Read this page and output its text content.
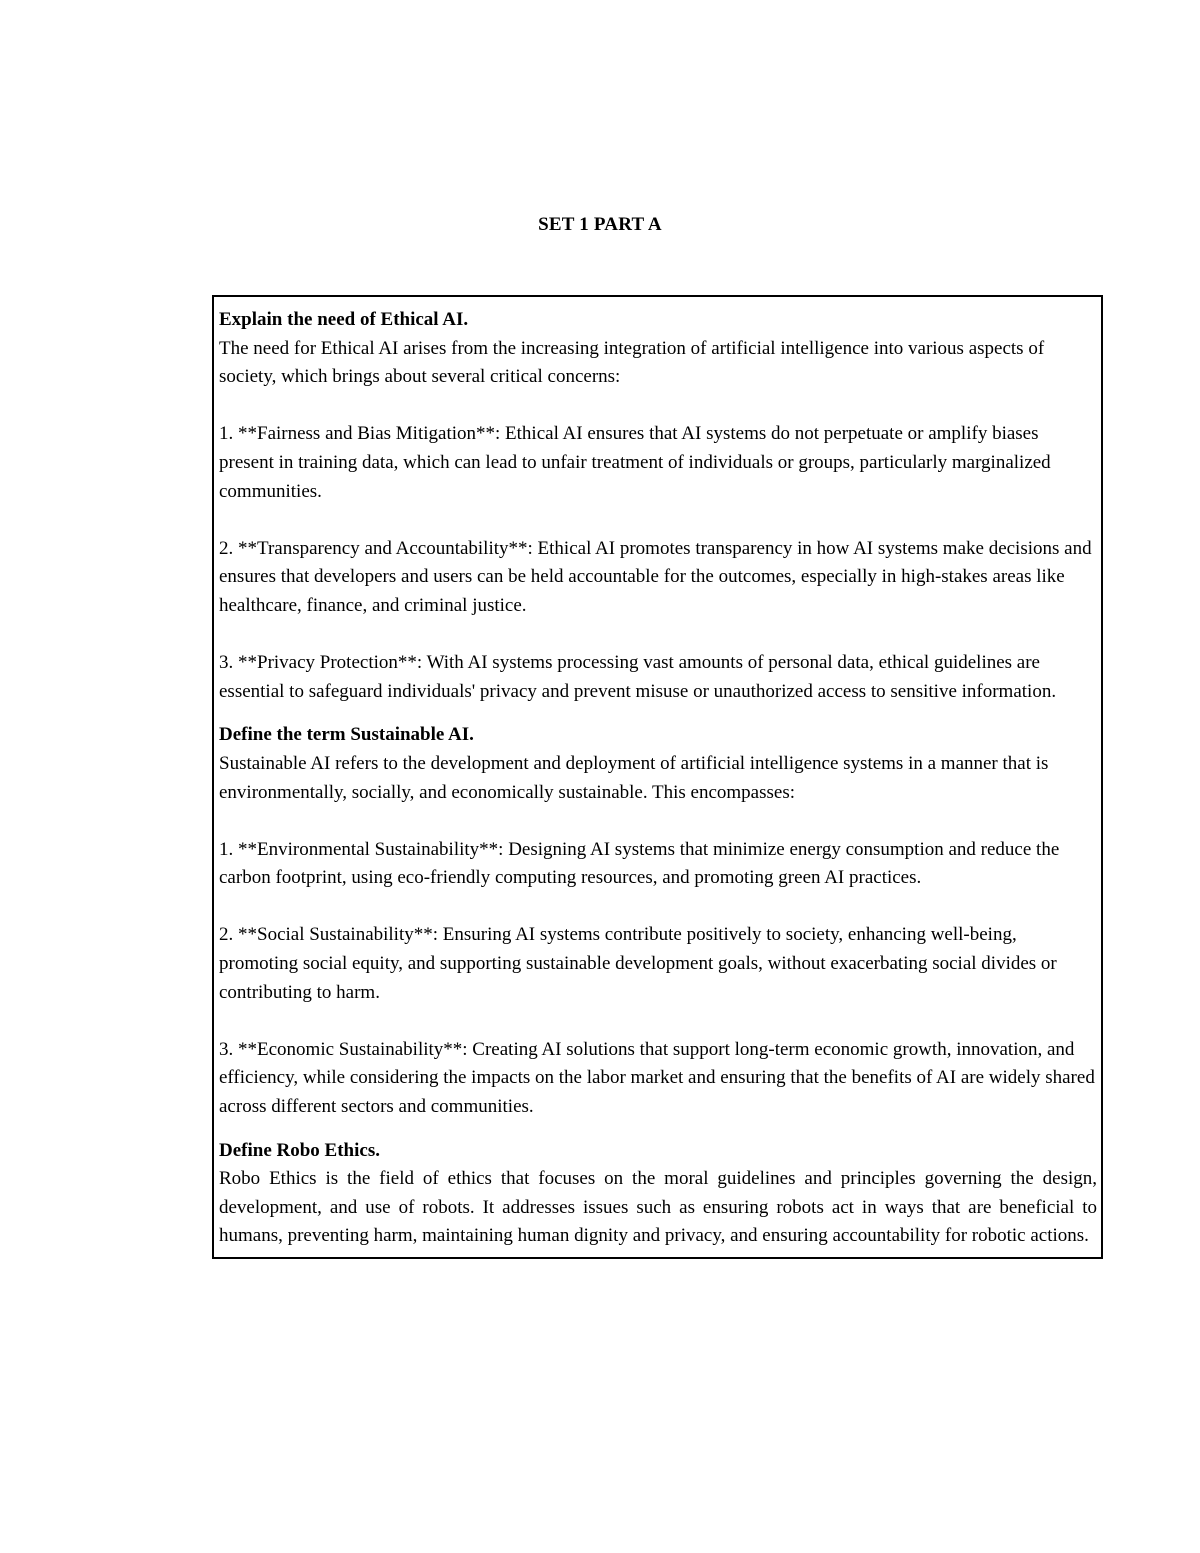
SET 1 PART A
Explain the need of Ethical AI.
The need for Ethical AI arises from the increasing integration of artificial intelligence into various aspects of society, which brings about several critical concerns:
1. **Fairness and Bias Mitigation**: Ethical AI ensures that AI systems do not perpetuate or amplify biases present in training data, which can lead to unfair treatment of individuals or groups, particularly marginalized communities.
2. **Transparency and Accountability**: Ethical AI promotes transparency in how AI systems make decisions and ensures that developers and users can be held accountable for the outcomes, especially in high-stakes areas like healthcare, finance, and criminal justice.
3. **Privacy Protection**: With AI systems processing vast amounts of personal data, ethical guidelines are essential to safeguard individuals' privacy and prevent misuse or unauthorized access to sensitive information.

Define the term Sustainable AI.
Sustainable AI refers to the development and deployment of artificial intelligence systems in a manner that is environmentally, socially, and economically sustainable. This encompasses:
1. **Environmental Sustainability**: Designing AI systems that minimize energy consumption and reduce the carbon footprint, using eco-friendly computing resources, and promoting green AI practices.
2. **Social Sustainability**: Ensuring AI systems contribute positively to society, enhancing well-being, promoting social equity, and supporting sustainable development goals, without exacerbating social divides or contributing to harm.
3. **Economic Sustainability**: Creating AI solutions that support long-term economic growth, innovation, and efficiency, while considering the impacts on the labor market and ensuring that the benefits of AI are widely shared across different sectors and communities.

Define Robo Ethics.
Robo Ethics is the field of ethics that focuses on the moral guidelines and principles governing the design, development, and use of robots. It addresses issues such as ensuring robots act in ways that are beneficial to humans, preventing harm, maintaining human dignity and privacy, and ensuring accountability for robotic actions.
